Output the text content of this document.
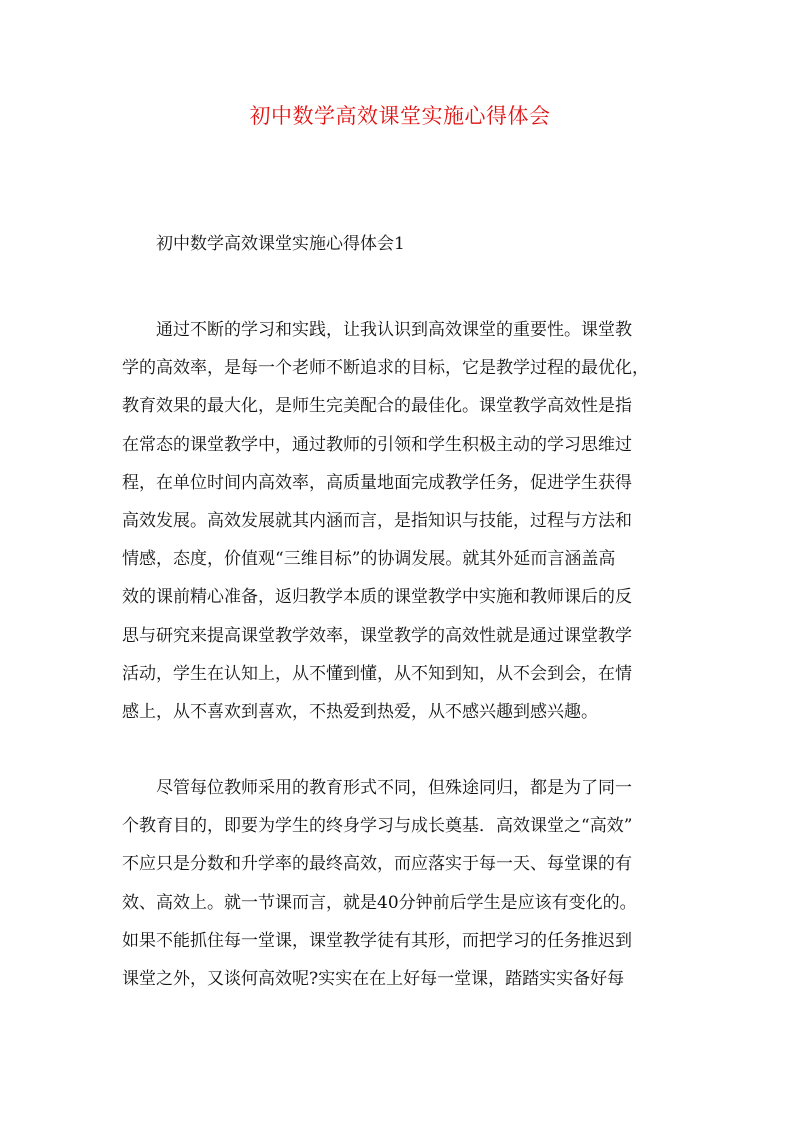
初中数学高效课堂实施心得体会
初中数学高效课堂实施心得体会1
通过不断的学习和实践，让我认识到高效课堂的重要性。课堂教
学的高效率，是每一个老师不断追求的目标，它是教学过程的最优化，
教育效果的最大化，是师生完美配合的最佳化。课堂教学高效性是指
在常态的课堂教学中，通过教师的引领和学生积极主动的学习思维过
程，在单位时间内高效率，高质量地面完成教学任务，促进学生获得
高效发展。高效发展就其内涵而言，是指知识与技能，过程与方法和
情感，态度，价值观“三维目标”的协调发展。就其外延而言涵盖高
效的课前精心准备，返归教学本质的课堂教学中实施和教师课后的反
思与研究来提高课堂教学效率，课堂教学的高效性就是通过课堂教学
活动，学生在认知上，从不懂到懂，从不知到知，从不会到会，在情
感上，从不喜欢到喜欢，不热爱到热爱，从不感兴趣到感兴趣。
尽管每位教师采用的教育形式不同，但殊途同归，都是为了同一
个教育目的，即要为学生的终身学习与成长奠基．高效课堂之“高效”
不应只是分数和升学率的最终高效，而应落实于每一天、每堂课的有
效、高效上。就一节课而言，就是40分钟前后学生是应该有变化的。
如果不能抓住每一堂课，课堂教学徒有其形，而把学习的任务推迟到
课堂之外，又谈何高效呢?实实在在上好每一堂课，踏踏实实备好每
